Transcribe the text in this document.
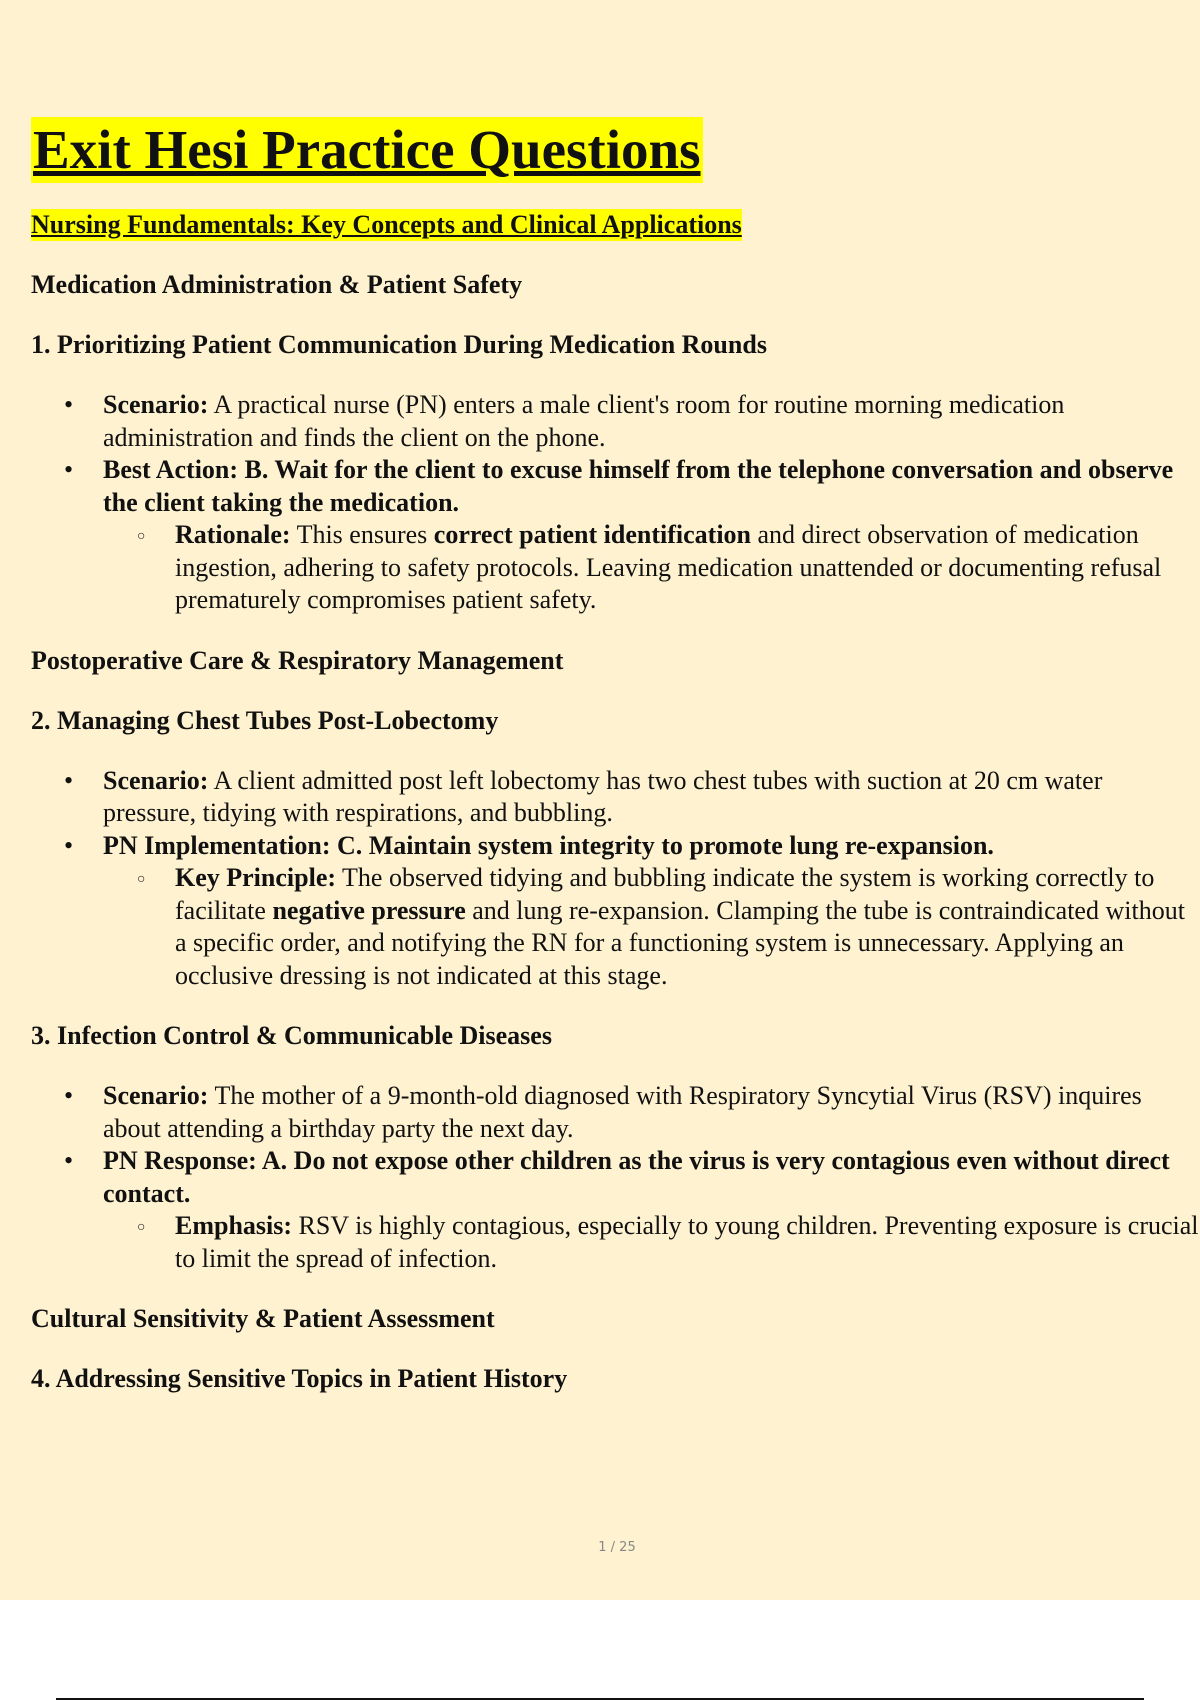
Exit Hesi Practice Questions
Nursing Fundamentals: Key Concepts and Clinical Applications

Medication Administration & Patient Safety

1. Prioritizing Patient Communication During Medication Rounds

• Scenario: A practical nurse (PN) enters a male client's room for routine morning medication administration and finds the client on the phone.
• Best Action: B. Wait for the client to excuse himself from the telephone conversation and observe the client taking the medication.
○ Rationale: This ensures correct patient identification and direct observation of medication ingestion, adhering to safety protocols. Leaving medication unattended or documenting refusal prematurely compromises patient safety.

Postoperative Care & Respiratory Management

2. Managing Chest Tubes Post-Lobectomy

• Scenario: A client admitted post left lobectomy has two chest tubes with suction at 20 cm water pressure, tidying with respirations, and bubbling.
• PN Implementation: C. Maintain system integrity to promote lung re-expansion.
○ Key Principle: The observed tidying and bubbling indicate the system is working correctly to facilitate negative pressure and lung re-expansion. Clamping the tube is contraindicated without a specific order, and notifying the RN for a functioning system is unnecessary. Applying an occlusive dressing is not indicated at this stage.

3. Infection Control & Communicable Diseases

• Scenario: The mother of a 9-month-old diagnosed with Respiratory Syncytial Virus (RSV) inquires about attending a birthday party the next day.
• PN Response: A. Do not expose other children as the virus is very contagious even without direct contact.
○ Emphasis: RSV is highly contagious, especially to young children. Preventing exposure is crucial to limit the spread of infection.

Cultural Sensitivity & Patient Assessment

4. Addressing Sensitive Topics in Patient History

1 / 25
